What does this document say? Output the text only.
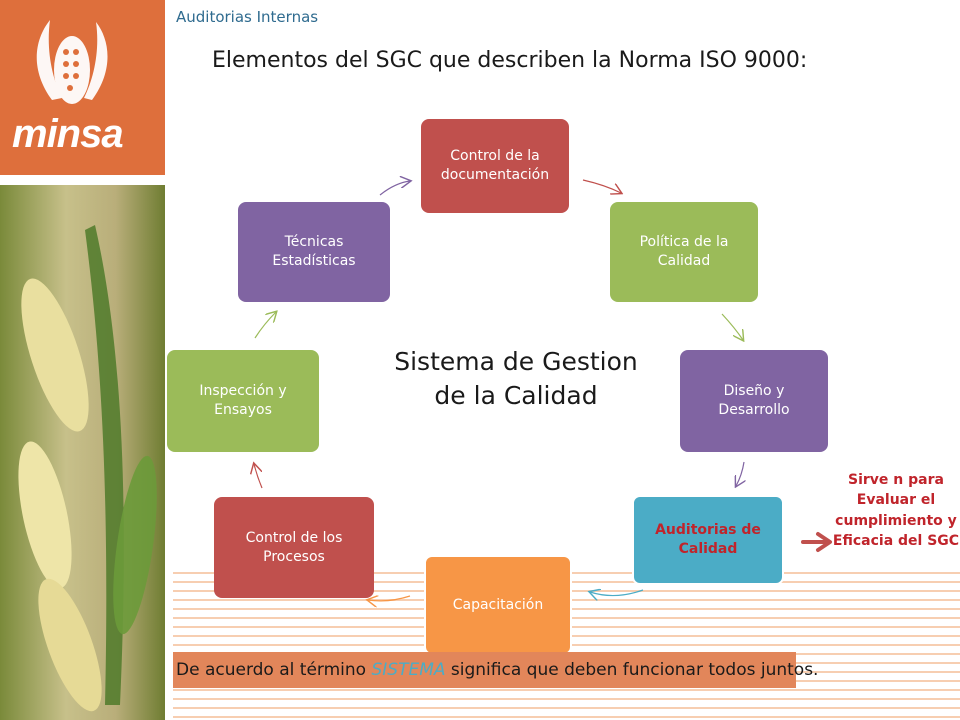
minsa
Auditorias Internas
Elementos del SGC que describen la Norma ISO 9000:
Control de la documentación
Política de la Calidad
Diseño y Desarrollo
Auditorias de Calidad
Capacitación
Control de los Procesos
Inspección y Ensayos
Técnicas Estadísticas
Sistema de Gestion
de la Calidad
Sirve n para Evaluar el cumplimiento y Eficacia del SGC
De acuerdo al término SISTEMA significa que deben funcionar todos juntos.
